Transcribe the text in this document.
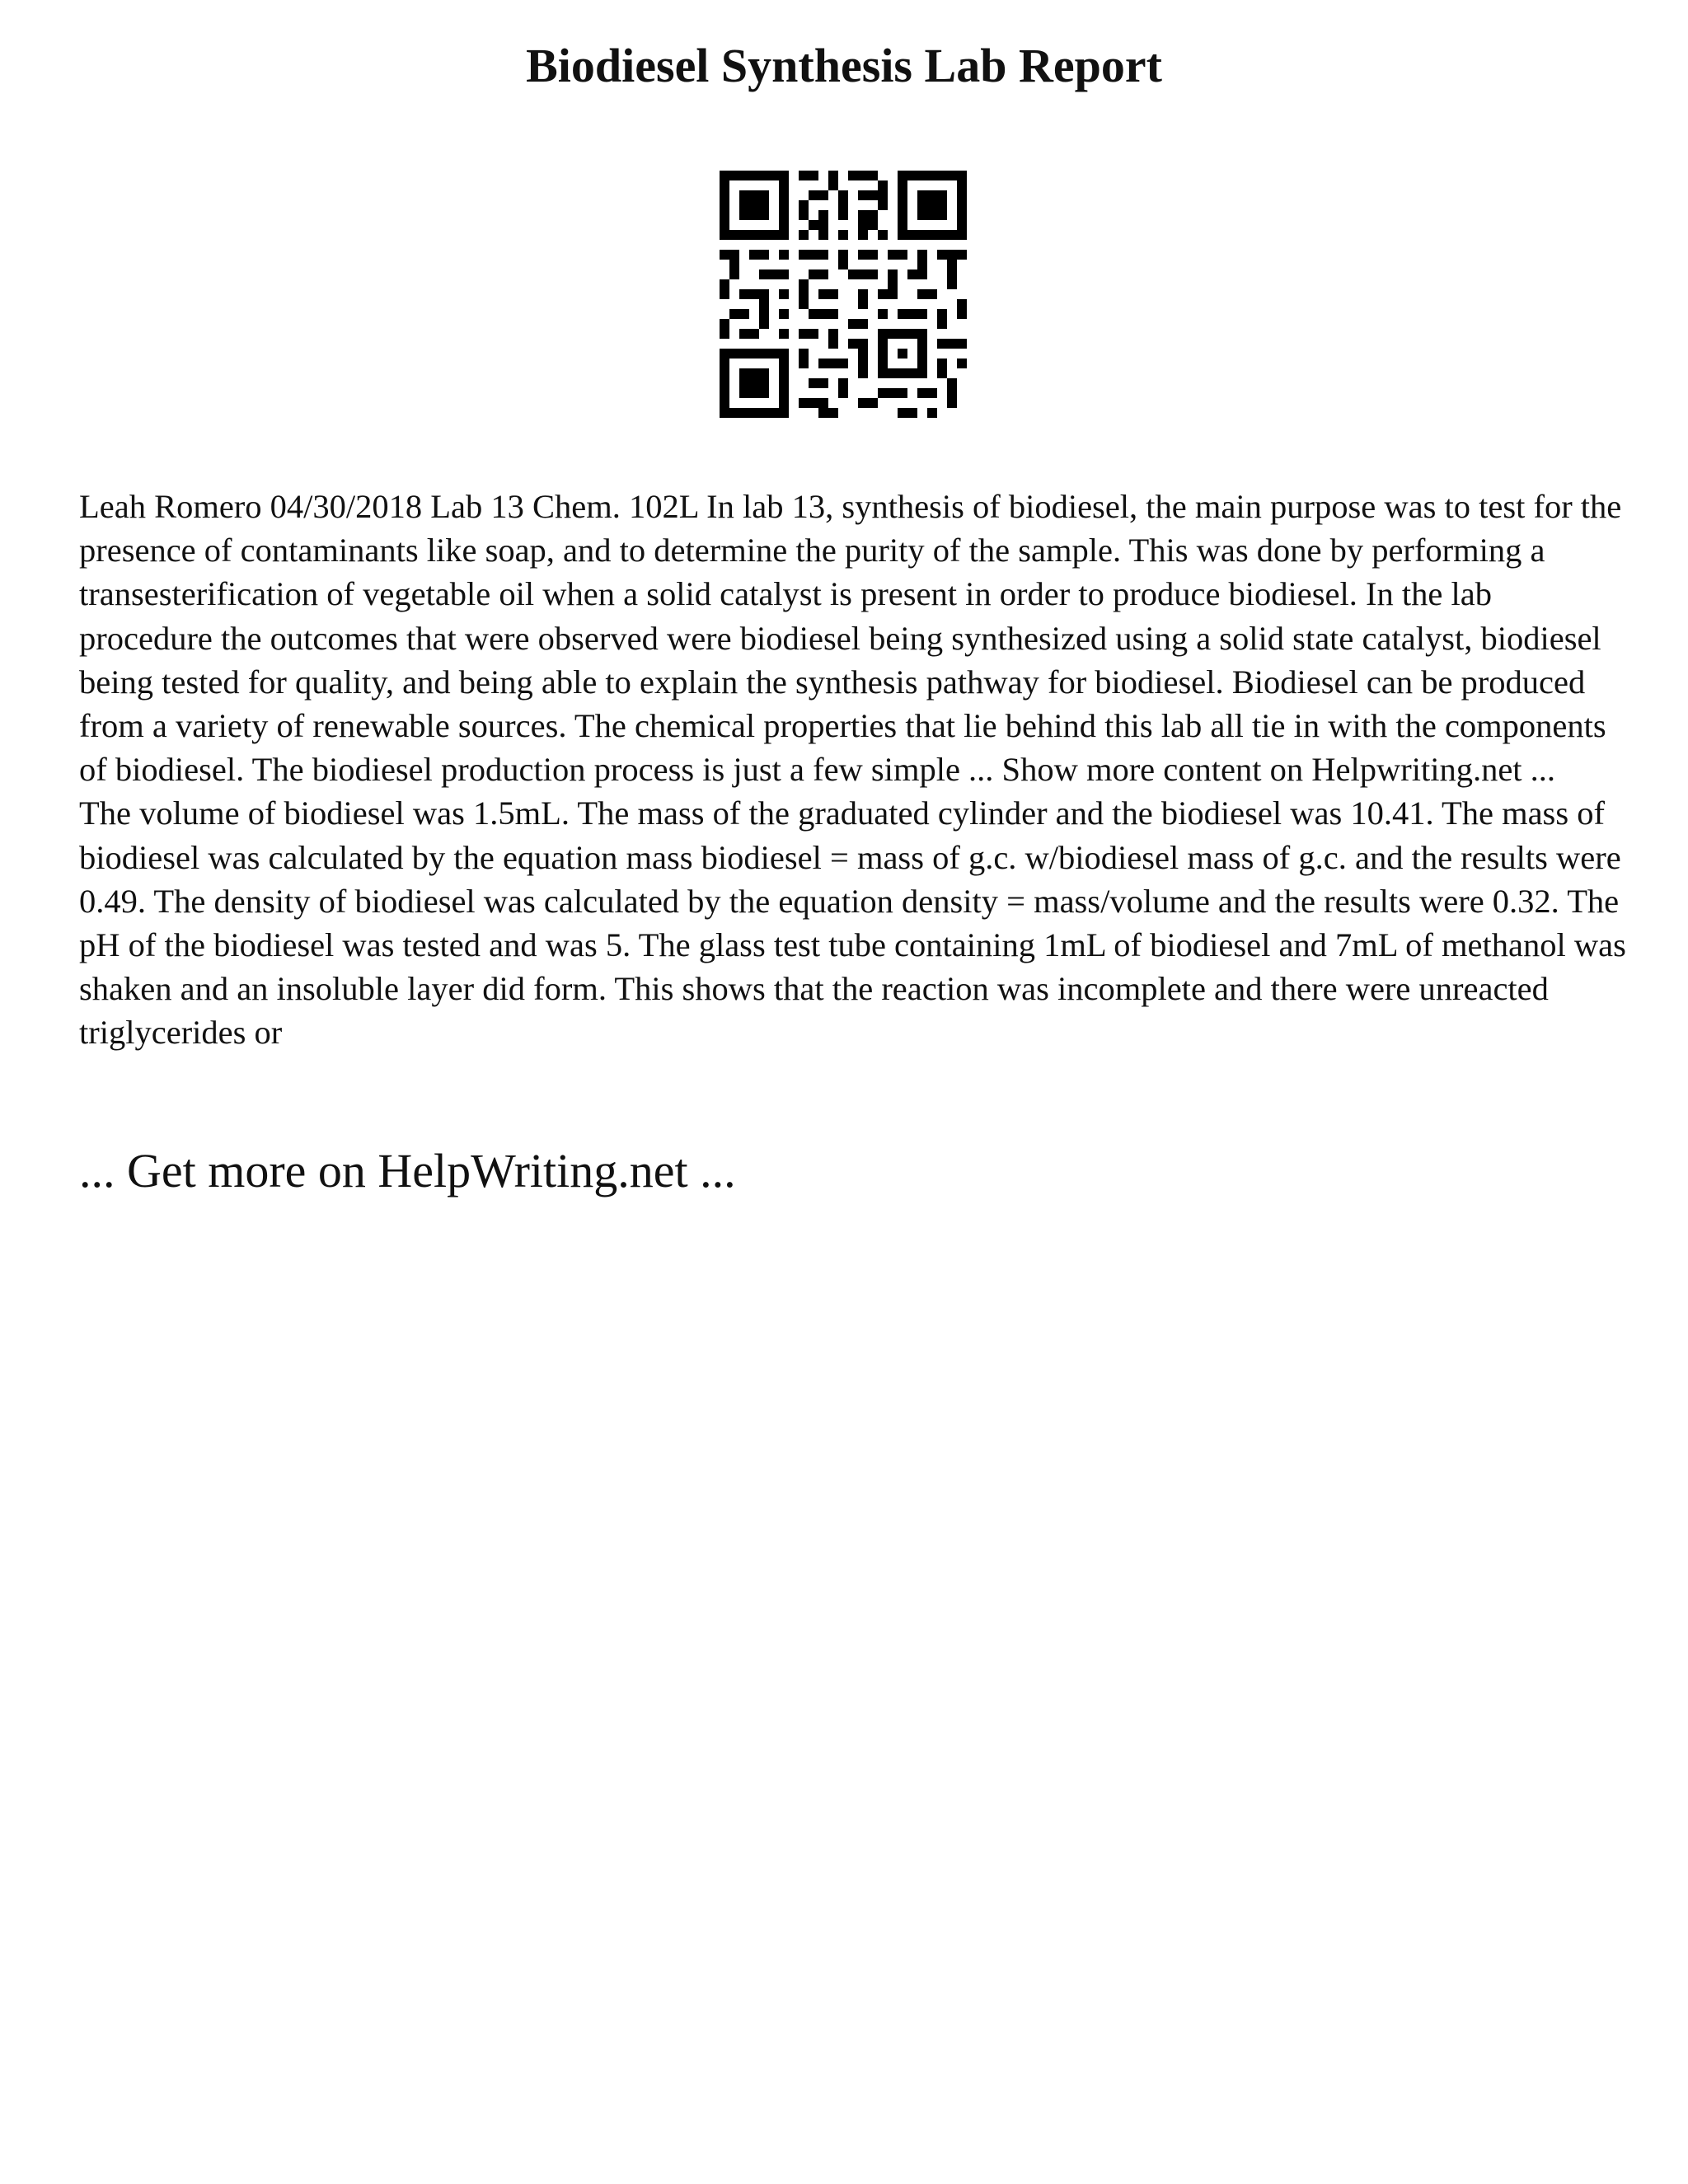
Biodiesel Synthesis Lab Report

Leah Romero 04/30/2018 Lab 13 Chem. 102L In lab 13, synthesis of biodiesel, the main purpose was to test for the presence of contaminants like soap, and to determine the purity of the sample. This was done by performing a transesterification of vegetable oil when a solid catalyst is present in order to produce biodiesel. In the lab procedure the outcomes that were observed were biodiesel being synthesized using a solid state catalyst, biodiesel being tested for quality, and being able to explain the synthesis pathway for biodiesel. Biodiesel can be produced from a variety of renewable sources. The chemical properties that lie behind this lab all tie in with the components of biodiesel. The biodiesel production process is just a few simple ... Show more content on Helpwriting.net ...

The volume of biodiesel was 1.5mL. The mass of the graduated cylinder and the biodiesel was 10.41. The mass of biodiesel was calculated by the equation mass biodiesel = mass of g.c. w/biodiesel mass of g.c. and the results were 0.49. The density of biodiesel was calculated by the equation density = mass/volume and the results were 0.32. The pH of the biodiesel was tested and was 5. The glass test tube containing 1mL of biodiesel and 7mL of methanol was shaken and an insoluble layer did form. This shows that the reaction was incomplete and there were unreacted triglycerides or

... Get more on HelpWriting.net ...
